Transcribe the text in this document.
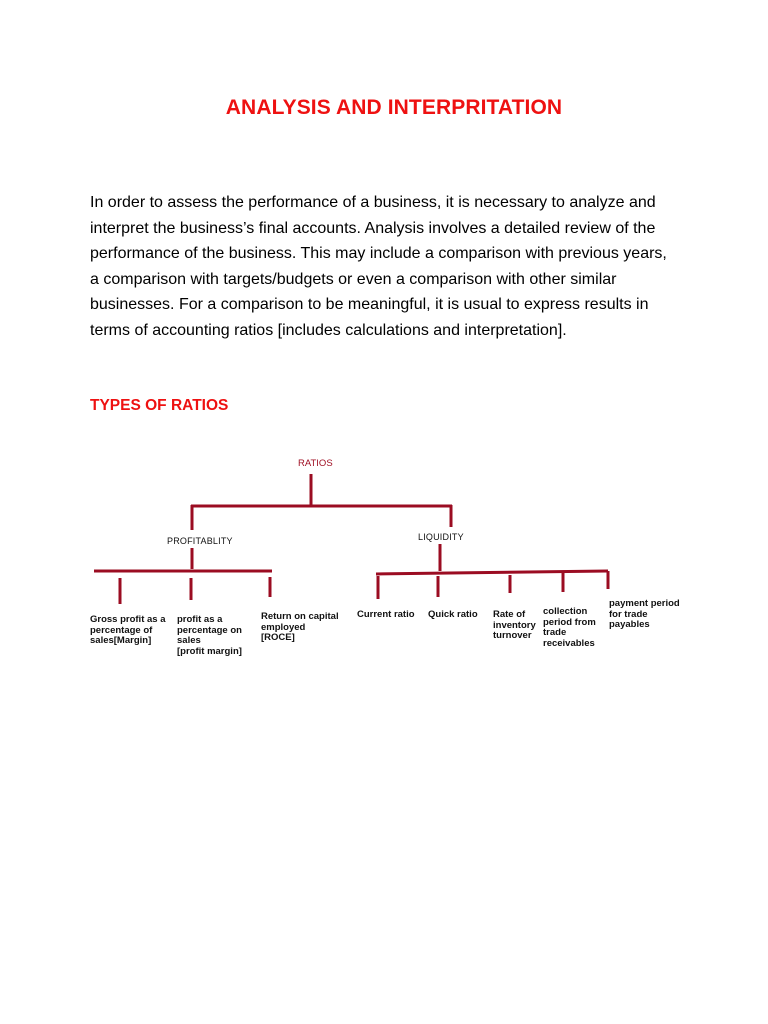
ANALYSIS AND INTERPRITATION
In order to assess the performance of a business, it is necessary to analyze and
interpret the business’s final accounts. Analysis involves a detailed review of the
performance of the business. This may include a comparison with previous years,
a comparison with targets/budgets or even a comparison with other similar
businesses. For a comparison to be meaningful, it is usual to express results in
terms of accounting ratios [includes calculations and interpretation].
TYPES OF RATIOS
RATIOS
PROFITABLITY	LIQUIDITY
Gross profit as a
percentage of
sales[Margin]
profit as a
percentage on
sales
[profit margin]
Return on capital
employed
[ROCE]
Current ratio Quick ratio Rate of
inventory
turnover
collection
period from
trade
receivables
payment period
for trade
payables
